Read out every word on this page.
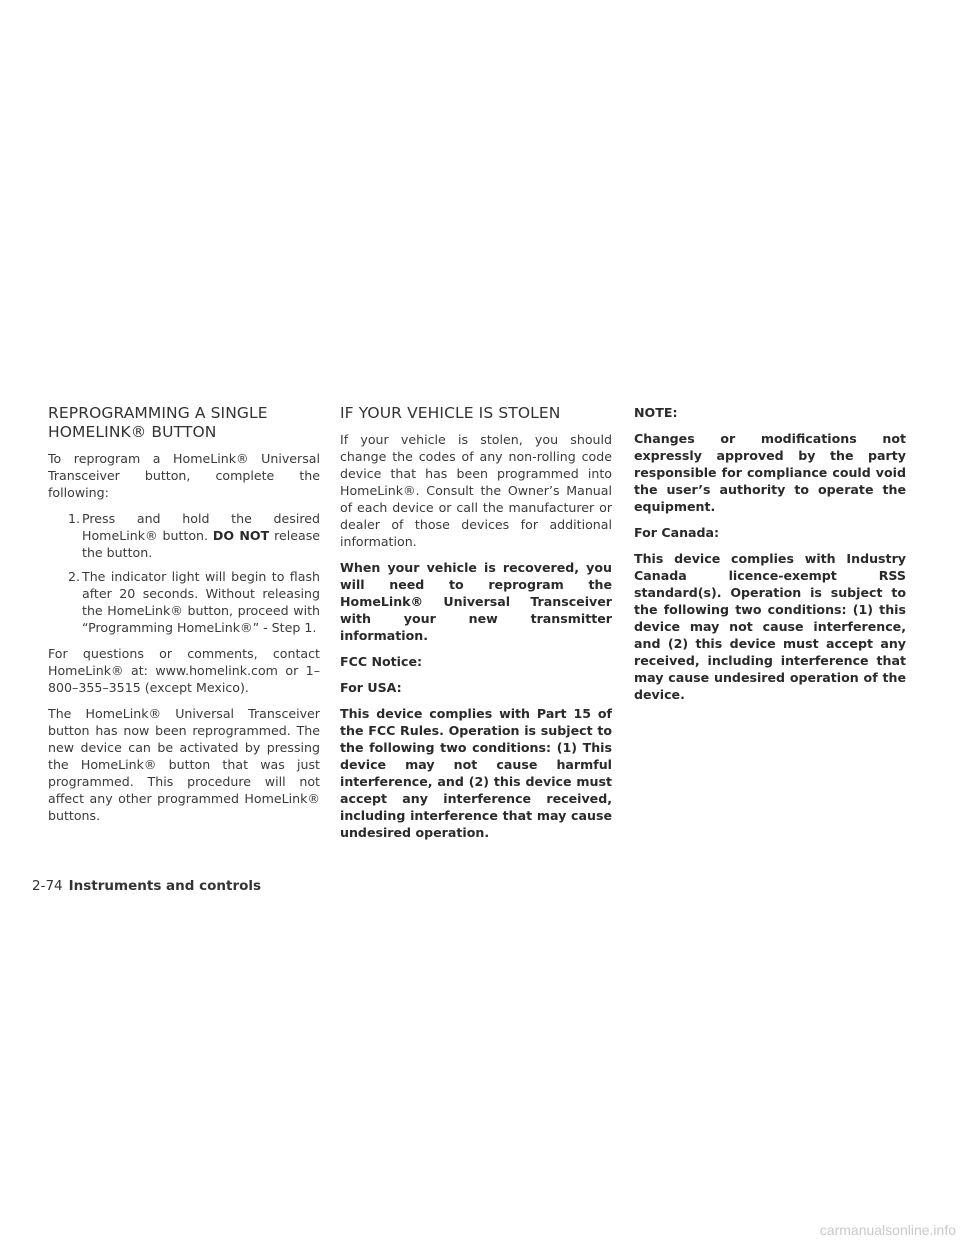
REPROGRAMMING A SINGLE
HOMELINK® BUTTON

To reprogram a HomeLink® Universal Transceiver button, complete the following:

1. Press and hold the desired HomeLink® button. DO NOT release the button.
2. The indicator light will begin to flash after 20 seconds. Without releasing the HomeLink® button, proceed with “Programming HomeLink®” - Step 1.

For questions or comments, contact HomeLink® at: www.homelink.com or 1–800–355–3515 (except Mexico).

The HomeLink® Universal Transceiver button has now been reprogrammed. The new device can be activated by pressing the HomeLink® button that was just programmed. This procedure will not affect any other programmed HomeLink® buttons.

IF YOUR VEHICLE IS STOLEN

If your vehicle is stolen, you should change the codes of any non-rolling code device that has been programmed into HomeLink®. Consult the Owner’s Manual of each device or call the manufacturer or dealer of those devices for additional information.

When your vehicle is recovered, you will need to reprogram the HomeLink® Universal Transceiver with your new transmitter information.

FCC Notice:

For USA:

This device complies with Part 15 of the FCC Rules. Operation is subject to the following two conditions: (1) This device may not cause harmful interference, and (2) this device must accept any interference received, including interference that may cause undesired operation.

NOTE:

Changes or modifications not expressly approved by the party responsible for compliance could void the user’s authority to operate the equipment.

For Canada:

This device complies with Industry Canada licence-exempt RSS standard(s). Operation is subject to the following two conditions: (1) this device may not cause interference, and (2) this device must accept any received, including interference that may cause undesired operation of the device.

2-74 Instruments and controls
carmanualsonline.info
